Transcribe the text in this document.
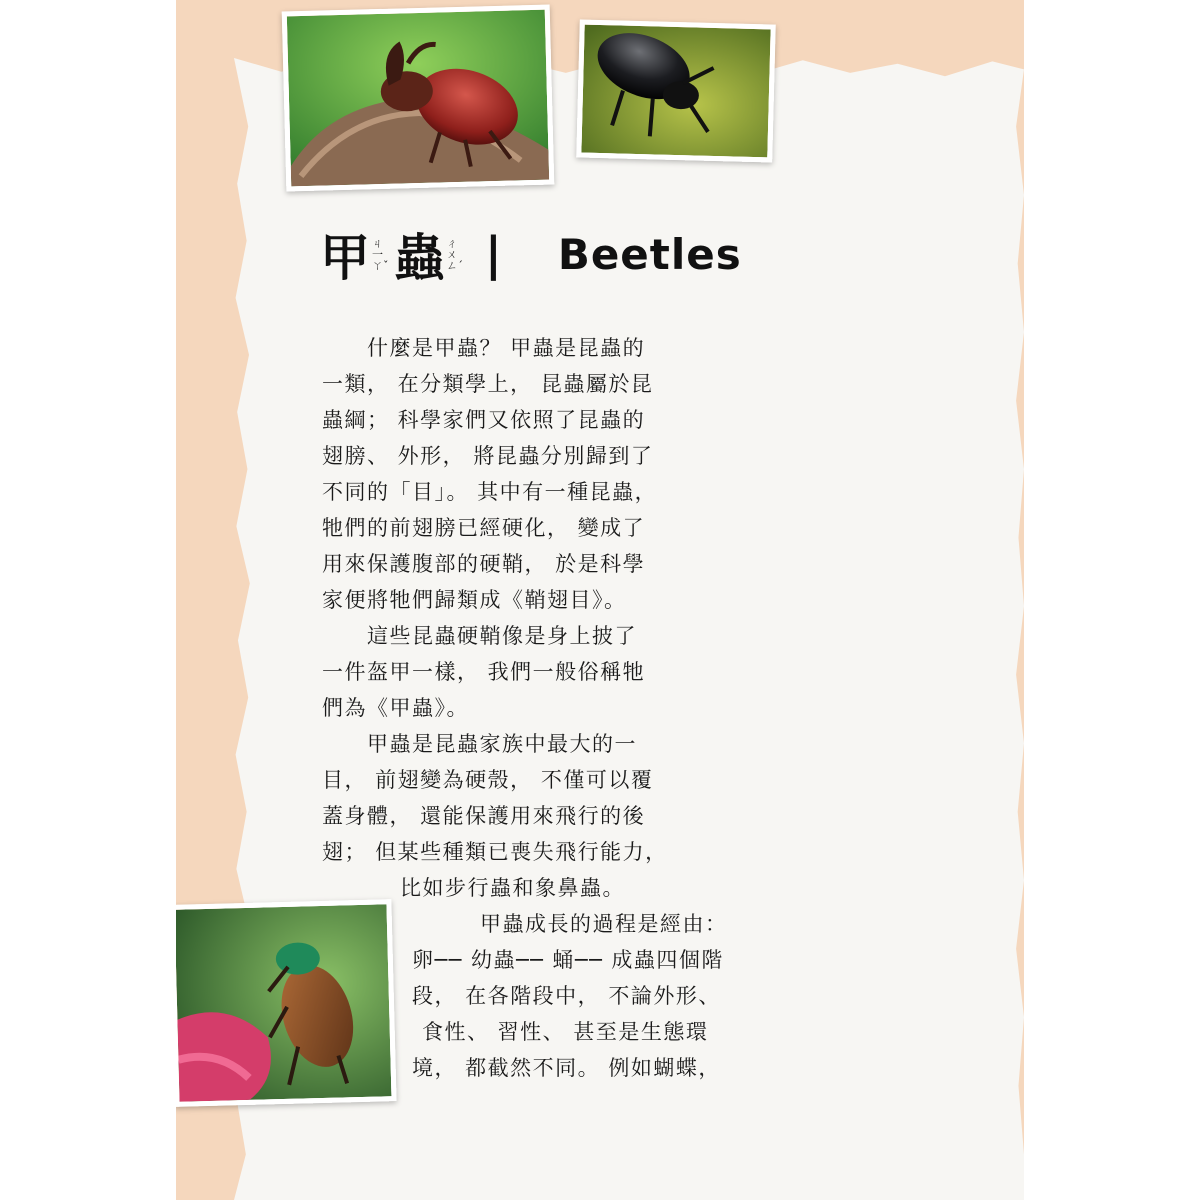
甲 ㄐ
一
ㄚˇ 蟲 ㄔ
ㄨ
ㄥˊ | Beetles
　　什麼是甲蟲？ 甲蟲是昆蟲的
一類， 在分類學上， 昆蟲屬於昆
蟲綱； 科學家們又依照了昆蟲的
翅膀、 外形， 將昆蟲分別歸到了
不同的「目」。 其中有一種昆蟲，
牠們的前翅膀已經硬化， 變成了
用來保護腹部的硬鞘， 於是科學
家便將牠們歸類成《鞘翅目》。
　　這些昆蟲硬鞘像是身上披了
一件盔甲一樣， 我們一般俗稱牠
們為《甲蟲》。
　　甲蟲是昆蟲家族中最大的一
目， 前翅變為硬殼， 不僅可以覆
蓋身體， 還能保護用來飛行的後
翅； 但某些種類已喪失飛行能力，
比如步行蟲和象鼻蟲。
甲蟲成長的過程是經由：
卵── 幼蟲── 蛹── 成蟲四個階
段， 在各階段中， 不論外形、
食性、 習性、 甚至是生態環
境， 都截然不同。 例如蝴蝶，
